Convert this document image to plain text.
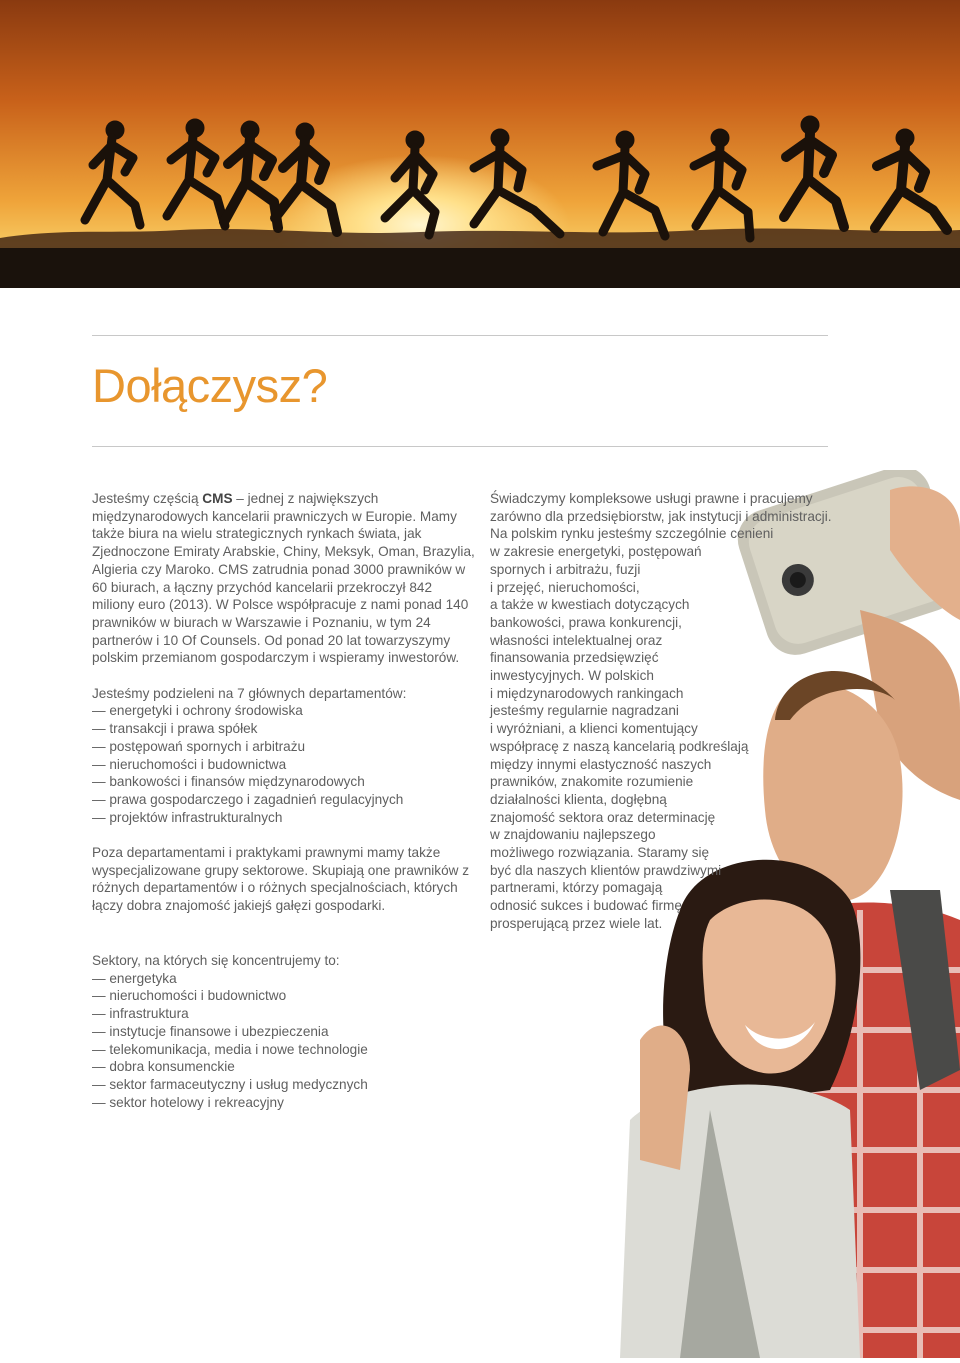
Dołączysz?

Jesteśmy częścią CMS – jednej z największych międzynarodowych kancelarii prawniczych w Europie. Mamy także biura na wielu strategicznych rynkach świata, jak Zjednoczone Emiraty Arabskie, Chiny, Meksyk, Oman, Brazylia, Algieria czy Maroko. CMS zatrudnia ponad 3000 prawników w 60 biurach, a łączny przychód kancelarii przekroczył 842 miliony euro (2013). W Polsce współpracuje z nami ponad 140 prawników w biurach w Warszawie i Poznaniu, w tym 24 partnerów i 10 Of Counsels. Od ponad 20 lat towarzyszymy polskim przemianom gospodarczym i wspieramy inwestorów.

Jesteśmy podzieleni na 7 głównych departamentów:
— energetyki i ochrony środowiska
— transakcji i prawa spółek
— postępowań spornych i arbitrażu
— nieruchomości i budownictwa
— bankowości i finansów międzynarodowych
— prawa gospodarczego i zagadnień regulacyjnych
— projektów infrastrukturalnych

Poza departamentami i praktykami prawnymi mamy także wyspecjalizowane grupy sektorowe. Skupiają one prawników z różnych departamentów i o różnych specjalnościach, których łączy dobra znajomość jakiejś gałęzi gospodarki.

Sektory, na których się koncentrujemy to:
— energetyka
— nieruchomości i budownictwo
— infrastruktura
— instytucje finansowe i ubezpieczenia
— telekomunikacja, media i nowe technologie
— dobra konsumenckie
— sektor farmaceutyczny i usług medycznych
— sektor hotelowy i rekreacyjny
Świadczymy kompleksowe usługi prawne i pracujemy
zarówno dla przedsiębiorstw, jak instytucji i administracji.
Na polskim rynku jesteśmy szczególnie cenieni
w zakresie energetyki, postępowań
spornych i arbitrażu, fuzji
i przejęć, nieruchomości,
a także w kwestiach dotyczących
bankowości, prawa konkurencji,
własności intelektualnej oraz
finansowania przedsięwzięć
inwestycyjnych. W polskich
i międzynarodowych rankingach
jesteśmy regularnie nagradzani
i wyróżniani, a klienci komentujący
współpracę z naszą kancelarią podkreślają
między innymi elastyczność naszych
prawników, znakomite rozumienie
działalności klienta, dogłębną
znajomość sektora oraz determinację
w znajdowaniu najlepszego
możliwego rozwiązania. Staramy się
być dla naszych klientów prawdziwymi
partnerami, którzy pomagają
odnosić sukces i budować firmę
prosperującą przez wiele lat.
